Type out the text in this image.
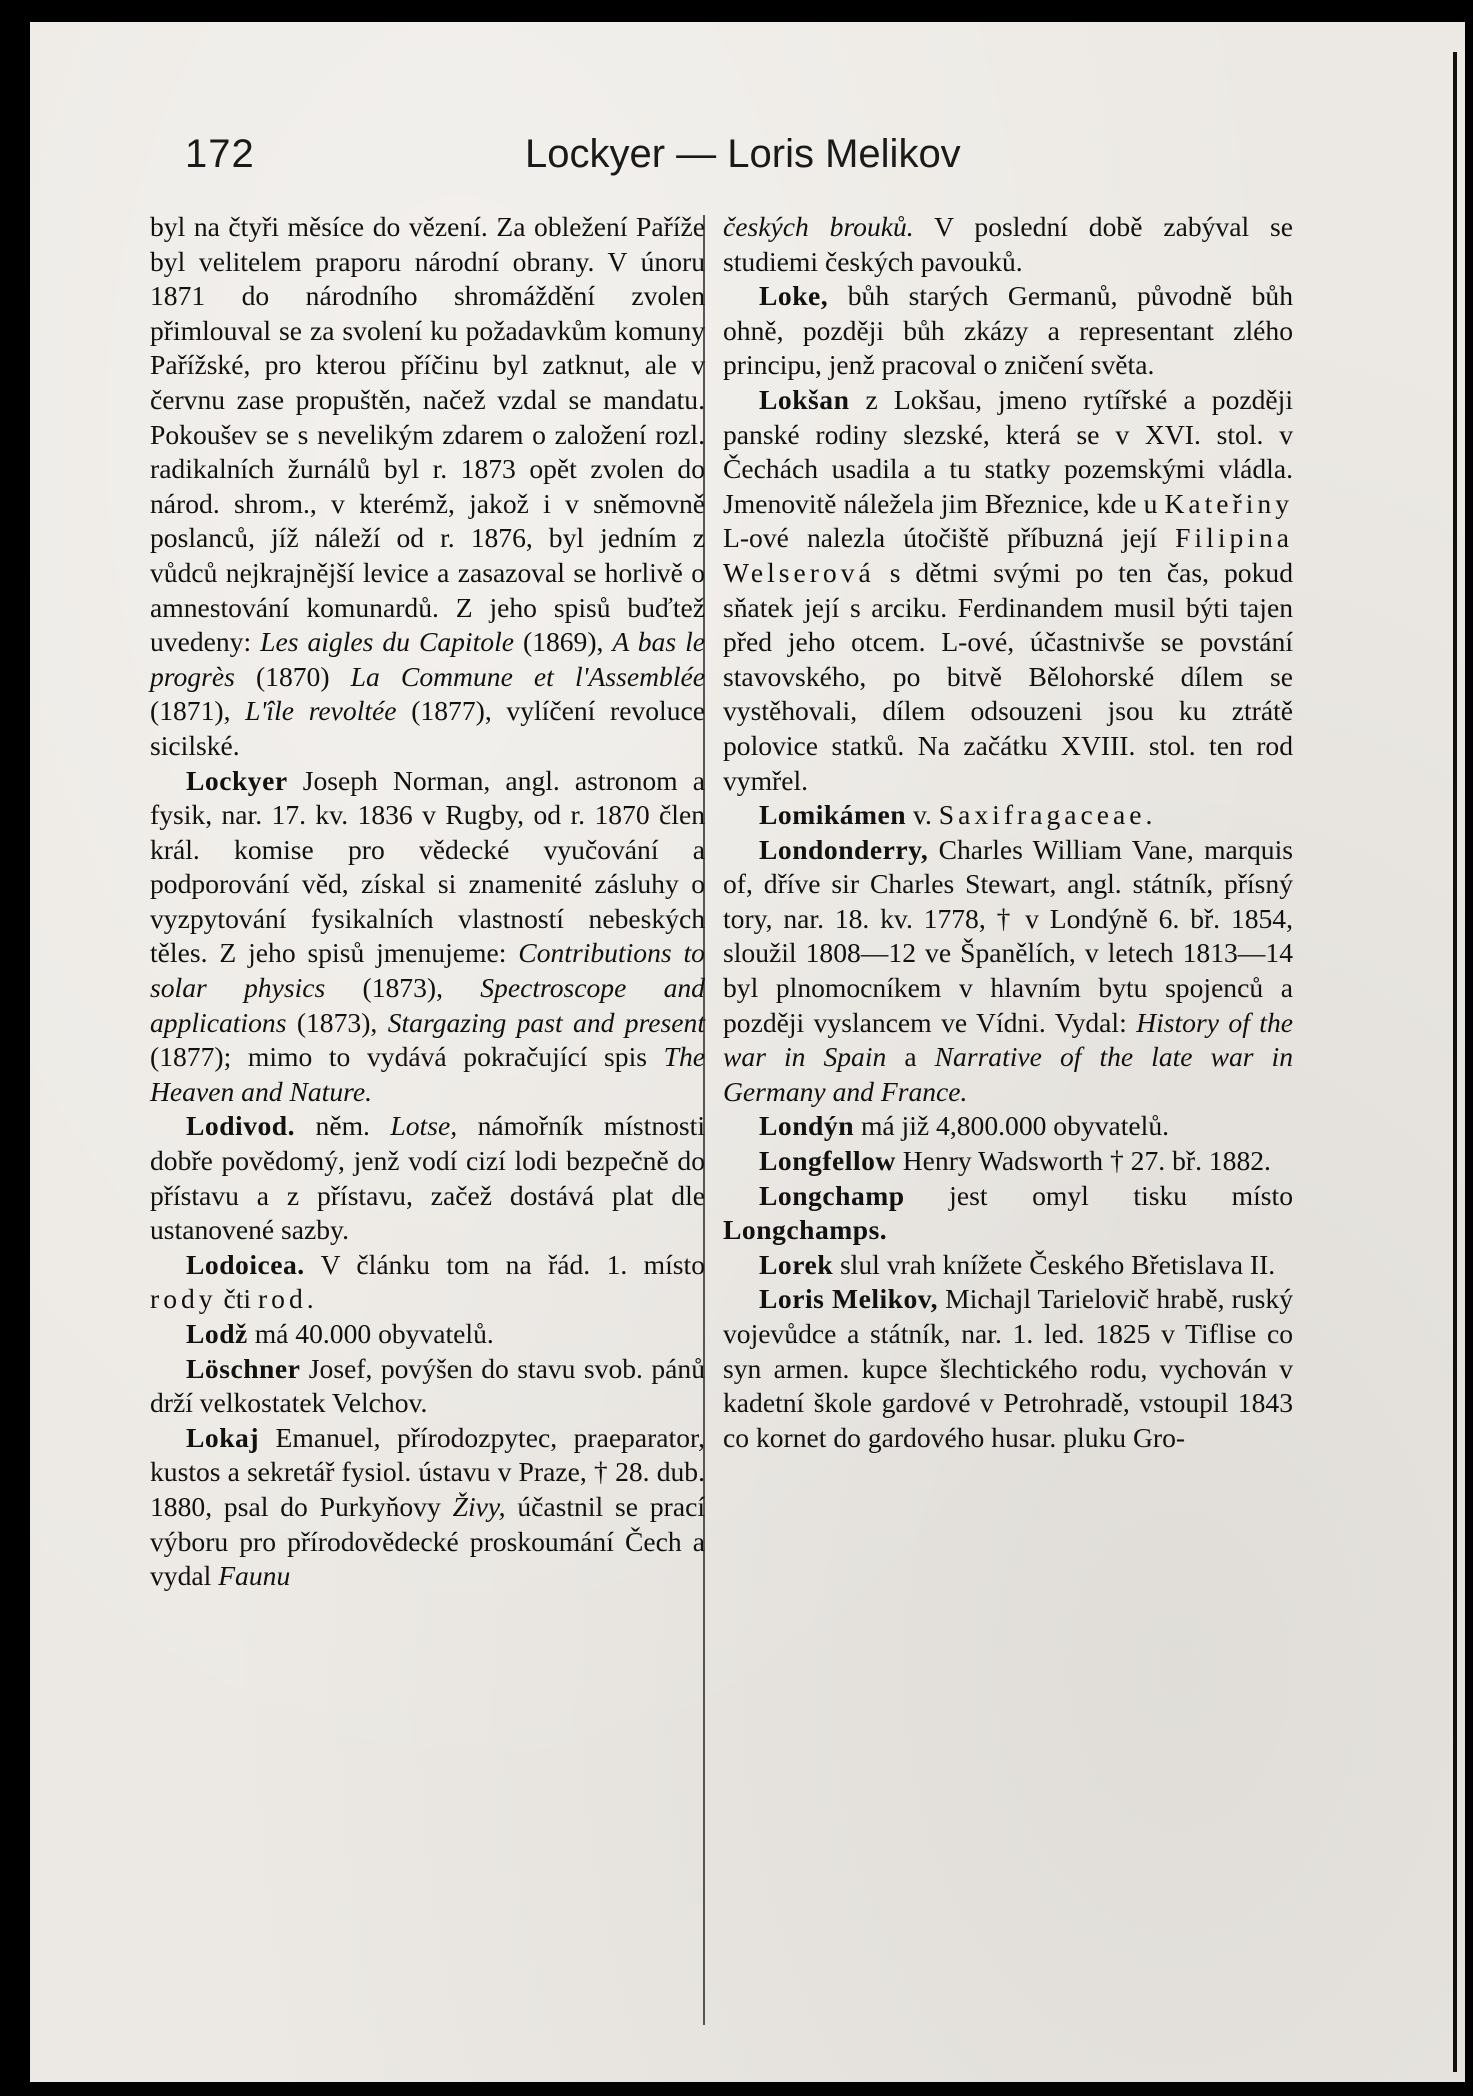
172	Lockyer — Loris Melikov

byl na čtyři měsíce do vězení. Za obležení Paříže byl velitelem praporu národní obrany. V únoru 1871 do národního shromáždění zvolen přimlouval se za svolení ku požadavkům komuny Pařížské, pro kterou příčinu byl zatknut, ale v červnu zase propuštěn, načež vzdal se mandatu. Pokoušev se s nevelikým zdarem o založení rozl. radikalních žurnálů byl r. 1873 opět zvolen do národ. shrom., v kterémž, jakož i v sněmovně poslanců, jíž náleží od r. 1876, byl jedním z vůdců nejkrajnější levice a zasazoval se horlivě o amnestování komunardů. Z jeho spisů buďtež uvedeny: Les aigles du Capitole (1869), A bas le progrès (1870) La Commune et l'Assemblée (1871), L'île revoltée (1877), vylíčení revoluce sicilské.

Lockyer Joseph Norman, angl. astronom a fysik, nar. 17. kv. 1836 v Rugby, od r. 1870 člen král. komise pro vědecké vyučování a podporování věd, získal si znamenité zásluhy o vyzpytování fysikalních vlastností nebeských těles. Z jeho spisů jmenujeme: Contributions to solar physics (1873), Spectroscope and applications (1873), Stargazing past and present (1877); mimo to vydává pokračující spis The Heaven and Nature.

Lodivod. něm. Lotse, námořník místnosti dobře povědomý, jenž vodí cizí lodi bezpečně do přístavu a z přístavu, začež dostává plat dle ustanovené sazby.

Lodoicea. V článku tom na řád. 1. místo rody čti rod.

Lodž má 40.000 obyvatelů.

Löschner Josef, povýšen do stavu svob. pánů drží velkostatek Velchov.

Lokaj Emanuel, přírodozpytec, praeparator, kustos a sekretář fysiol. ústavu v Praze, † 28. dub. 1880, psal do Purkyňovy Živy, účastnil se prací výboru pro přírodovědecké proskoumání Čech a vydal Faunu

českých brouků. V poslední době zabýval se studiemi českých pavouků.

Loke, bůh starých Germanů, původně bůh ohně, později bůh zkázy a representant zlého principu, jenž pracoval o zničení světa.

Lokšan z Lokšau, jmeno rytířské a později panské rodiny slezské, která se v XVI. stol. v Čechách usadila a tu statky pozemskými vládla. Jmenovitě náležela jim Březnice, kde u Kateřiny L-ové nalezla útočiště příbuzná její Filipina Welserová s dětmi svými po ten čas, pokud sňatek její s arciku. Ferdinandem musil býti tajen před jeho otcem. L-ové, účastnivše se povstání stavovského, po bitvě Bělohorské dílem se vystěhovali, dílem odsouzeni jsou ku ztrátě polovice statků. Na začátku XVIII. stol. ten rod vymřel.

Lomikámen v. Saxifragaceae.

Londonderry, Charles William Vane, marquis of, dříve sir Charles Stewart, angl. státník, přísný tory, nar. 18. kv. 1778, † v Londýně 6. bř. 1854, sloužil 1808—12 ve Španělích, v letech 1813—14 byl plnomocníkem v hlavním bytu spojenců a později vyslancem ve Vídni. Vydal: History of the war in Spain a Narrative of the late war in Germany and France.

Londýn má již 4,800.000 obyvatelů.

Longfellow Henry Wadsworth † 27. bř. 1882.

Longchamp jest omyl tisku místo Longchamps.

Lorek slul vrah knížete Českého Břetislava II.

Loris Melikov, Michajl Tarielovič hrabě, ruský vojevůdce a státník, nar. 1. led. 1825 v Tiflise co syn armen. kupce šlechtického rodu, vychován v kadetní škole gardové v Petrohradě, vstoupil 1843 co kornet do gardového husar. pluku Gro-
